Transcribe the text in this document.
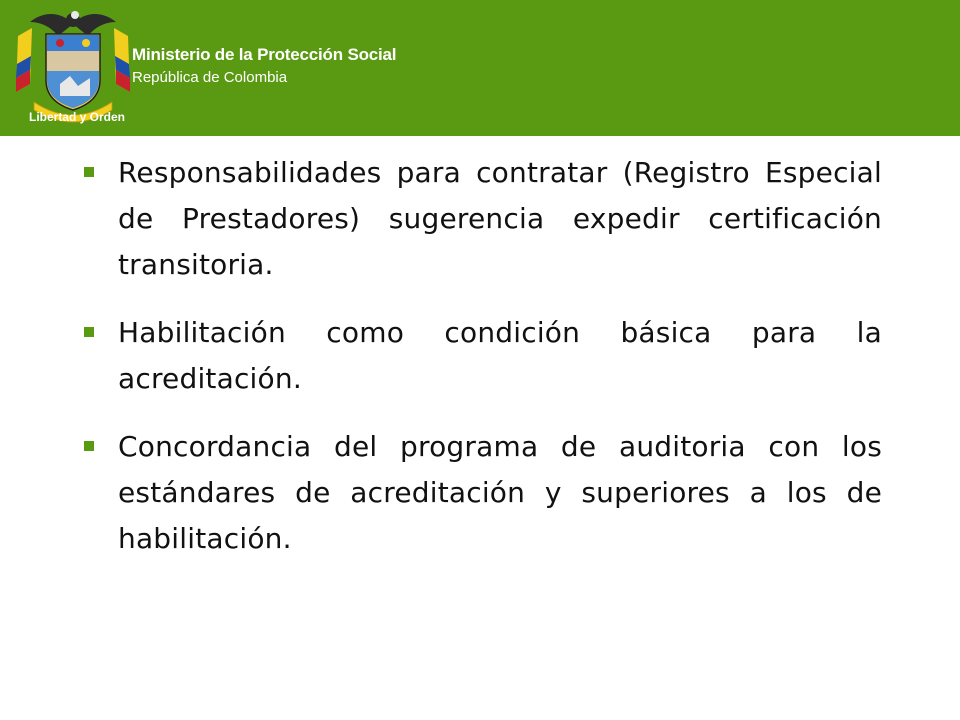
Libertad y Orden
Ministerio de la Protección Social
República de Colombia
Responsabilidades para contratar (Registro Especial de Prestadores) sugerencia expedir certificación transitoria.
Habilitación como condición básica para la acreditación.
Concordancia del programa de auditoria con los estándares de acreditación y superiores a los de habilitación.
